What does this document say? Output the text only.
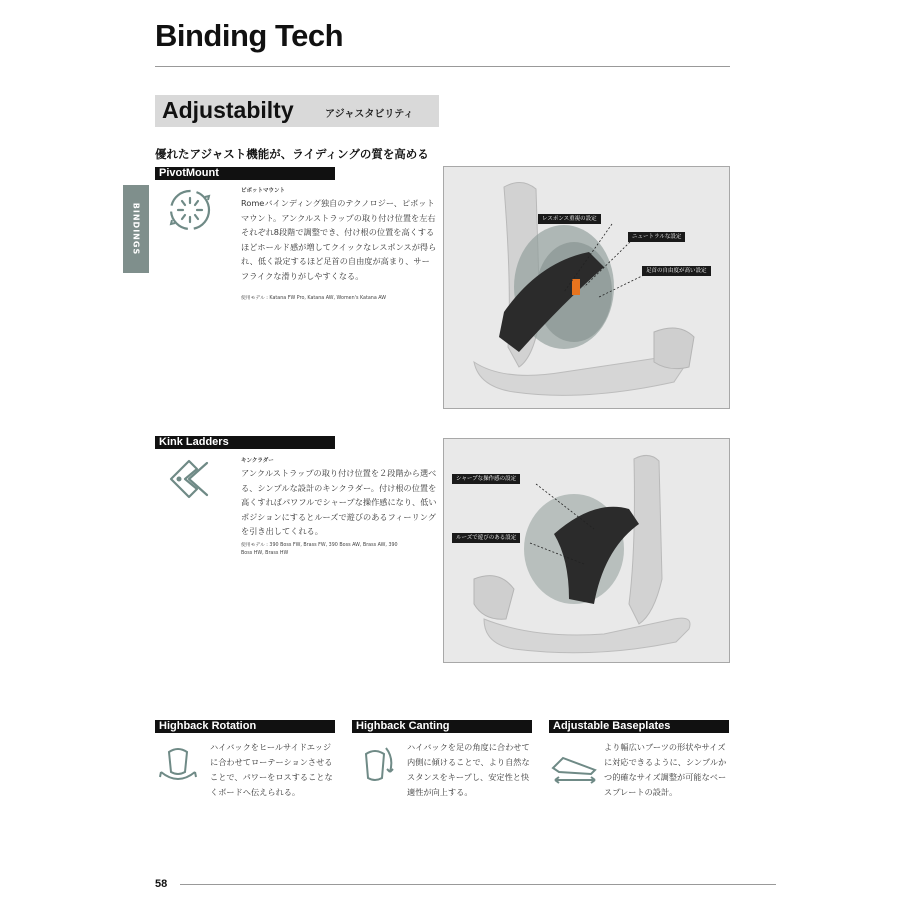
Binding Tech
Adjustabilty	アジャスタビリティ
優れたアジャスト機能が、ライディングの質を高める
BINDINGS
PivotMount
ピボットマウント
Romeバインディング独自のテクノロジー、ピボットマウント。アンクルストラップの取り付け位置を左右それぞれ8段階で調整でき、付け根の位置を高くするほどホールド感が増してクイックなレスポンスが得られ、低く設定するほど足首の自由度が高まり、サーフライクな滑りがしやすくなる。
使用モデル : Katana FW Pro, Katana AW, Women's Katana AW
レスポンス重視の設定
ニュートラルな設定
足首の自由度が高い設定
Kink Ladders
キンクラダー
アンクルストラップの取り付け位置を２段階から選べる、シンプルな設計のキンクラダー。付け根の位置を高くすればパワフルでシャープな操作感になり、低いポジションにするとルーズで遊びのあるフィーリングを引き出してくれる。
使用モデル : 390 Boss FW, Brass FW, 390 Boss AW, Brass AW, 390 Boss HW, Brass HW
シャープな操作感の設定
ルーズで遊びのある設定
Highback Rotation
ハイバックをヒールサイドエッジに合わせてローテーションさせることで、パワーをロスすることなくボードへ伝えられる。
Highback Canting
ハイバックを足の角度に合わせて内側に傾けることで、より自然なスタンスをキープし、安定性と快適性が向上する。
Adjustable Baseplates
より幅広いブーツの形状やサイズに対応できるように、シンプルかつ的確なサイズ調整が可能なベースプレートの設計。
58
